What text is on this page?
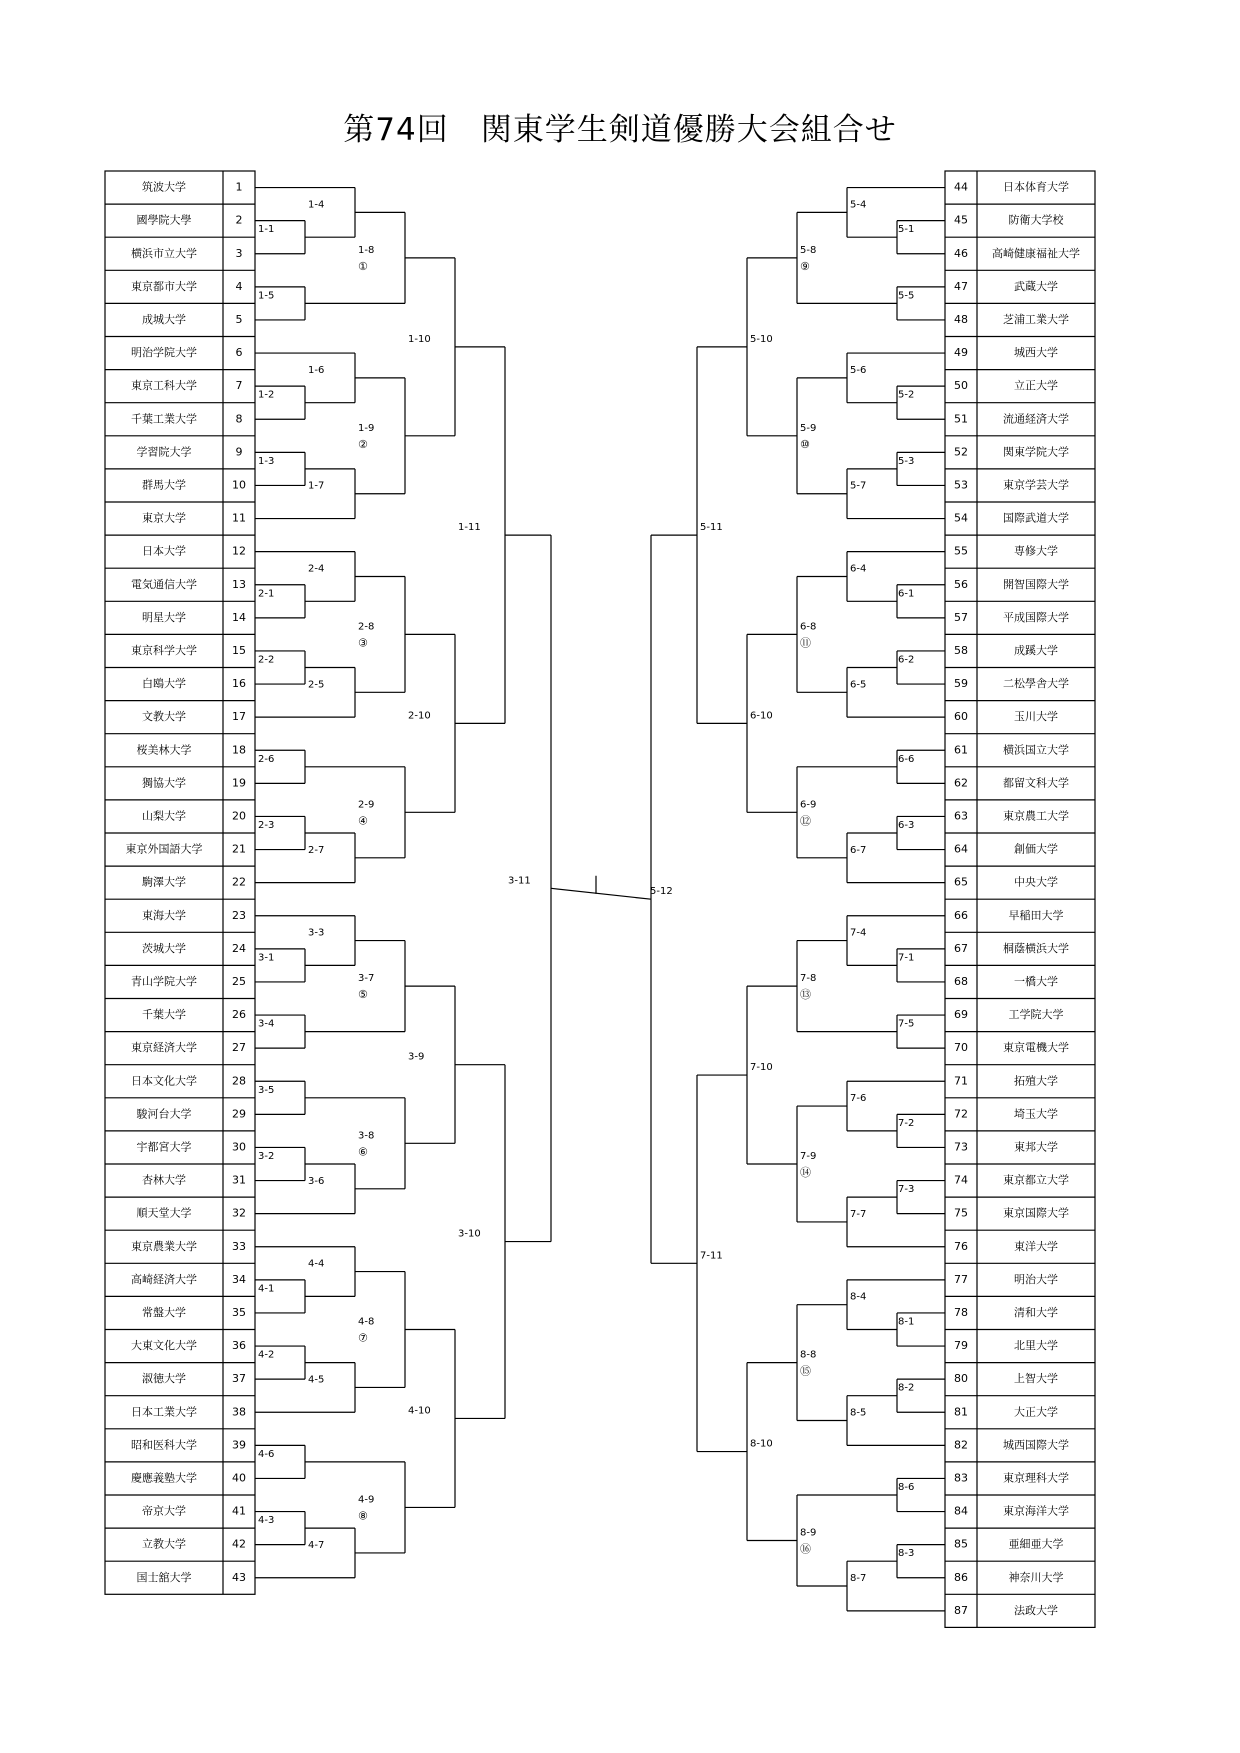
第74回　関東学生剣道優勝大会組合せ
筑波大学	1
國學院大學	2
横浜市立大学	3
東京都市大学	4
成城大学	5
明治学院大学	6
東京工科大学	7
千葉工業大学	8
学習院大学	9
群馬大学	10
東京大学	11
日本大学	12
電気通信大学	13
明星大学	14
東京科学大学	15
白鴎大学	16
文教大学	17
桜美林大学	18
獨協大学	19
山梨大学	20
東京外国語大学	21
駒澤大学	22
東海大学	23
茨城大学	24
青山学院大学	25
千葉大学	26
東京経済大学	27
日本文化大学	28
駿河台大学	29
宇都宮大学	30
杏林大学	31
順天堂大学	32
東京農業大学	33
高崎経済大学	34
常盤大学	35
大東文化大学	36
淑徳大学	37
日本工業大学	38
昭和医科大学	39
慶應義塾大学	40
帝京大学	41
立教大学	42
国士舘大学	43
44	日本体育大学
45	防衛大学校
46 高崎健康福祉大学
47	武蔵大学
48	芝浦工業大学
49	城西大学
50	立正大学
51	流通経済大学
52	関東学院大学
53	東京学芸大学
54	国際武道大学
55	専修大学
56	開智国際大学
57	平成国際大学
58	成蹊大学
59	二松學舎大学
60	玉川大学
61	横浜国立大学
62	都留文科大学
63	東京農工大学
64	創価大学
65	中央大学
66	早稲田大学
67	桐蔭横浜大学
68	一橋大学
69	工学院大学
70	東京電機大学
71	拓殖大学
72	埼玉大学
73	東邦大学
74	東京都立大学
75	東京国際大学
76	東洋大学
77	明治大学
78	清和大学
79	北里大学
80	上智大学
81	大正大学
82	城西国際大学
83	東京理科大学
84	東京海洋大学
85	亜細亜大学
86	神奈川大学
87	法政大学
1-1
1-2
1-3
1-4
1-5
1-6
1-7
1-8
①
1-9
②
1-10
2-1
2-2
2-3
2-4
2-5
2-6
2-7
2-8
③
2-9
④
2-10
1-11
3-1
3-2
3-3
3-4
3-5
3-6
3-7
⑤
3-8
⑥
3-9
4-1
4-2
4-3
4-4
4-5
4-6
4-7
4-8
⑦
4-9
⑧
4-10
3-10
3-11
5-1
5-2
5-3
5-4
5-5
5-6
5-7
5-8
⑨
5-9
⑩
5-10
6-1
6-2
6-3
6-4
6-5
6-6
6-7
6-8
⑪
6-9
⑫
6-10
5-11
7-1
7-2
7-3
7-4
7-5
7-6
7-7
7-8
⑬
7-9
⑭
7-10
8-1
8-2
8-3
8-4
8-5
8-6
8-7
8-8
⑮
8-9
⑯
8-10
7-11
5-12
